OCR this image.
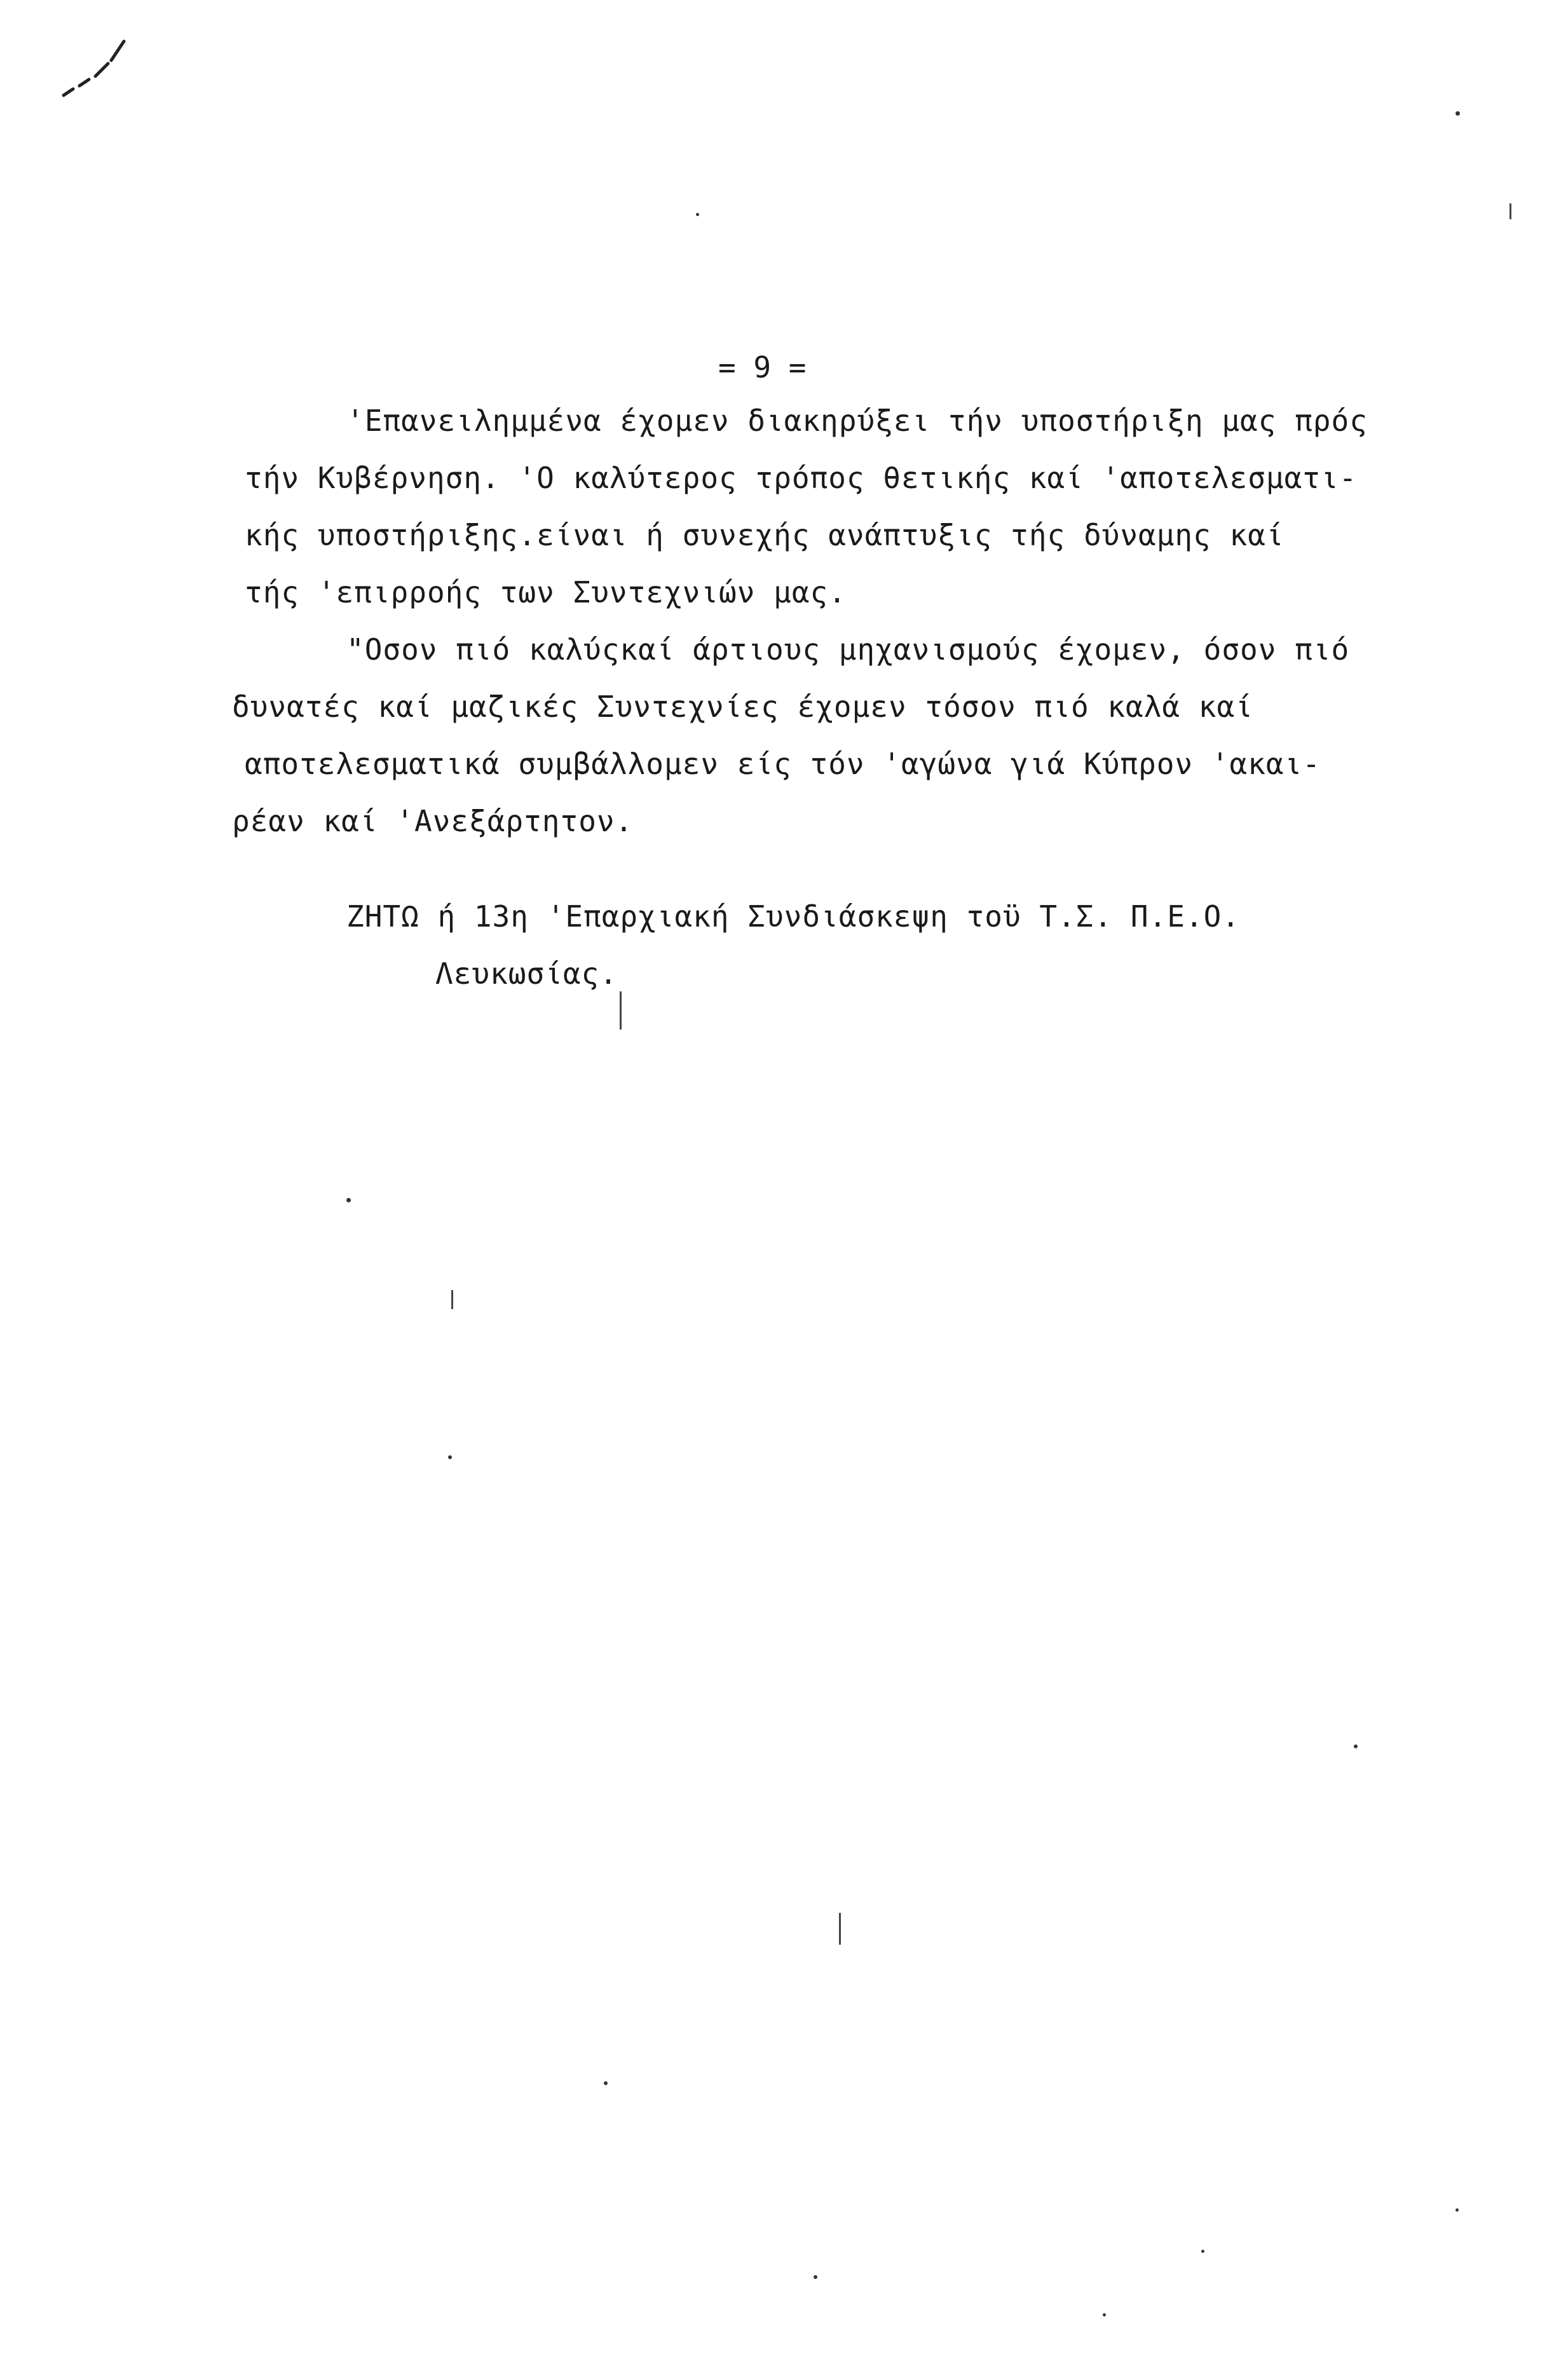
= 9 =
'Επανειλημμένα έχομεν διακηρύξει τήν υποστήριξη μας πρός
τήν Κυβέρνηση. 'Ο καλύτερος τρόπος θετικής καί 'αποτελεσματι-
κής υποστήριξης.είναι ή συνεχής ανάπτυξις τής δύναμης καί
τής 'επιρροής των Συντεχνιών μας.
"Οσον πιό καλύςκαί άρτιους μηχανισμούς έχομεν, όσον πιό
δυνατές καί μαζικές Συντεχνίες έχομεν τόσον πιό καλά καί
αποτελεσματικά συμβάλλομεν είς τόν 'αγώνα γιά Κύπρον 'ακαι-
ρέαν καί 'Ανεξάρτητον.
ΖΗΤΩ ή 13η 'Επαρχιακή Συνδιάσκεψη τοϋ Τ.Σ. Π.Ε.Ο.
Λευκωσίας.
